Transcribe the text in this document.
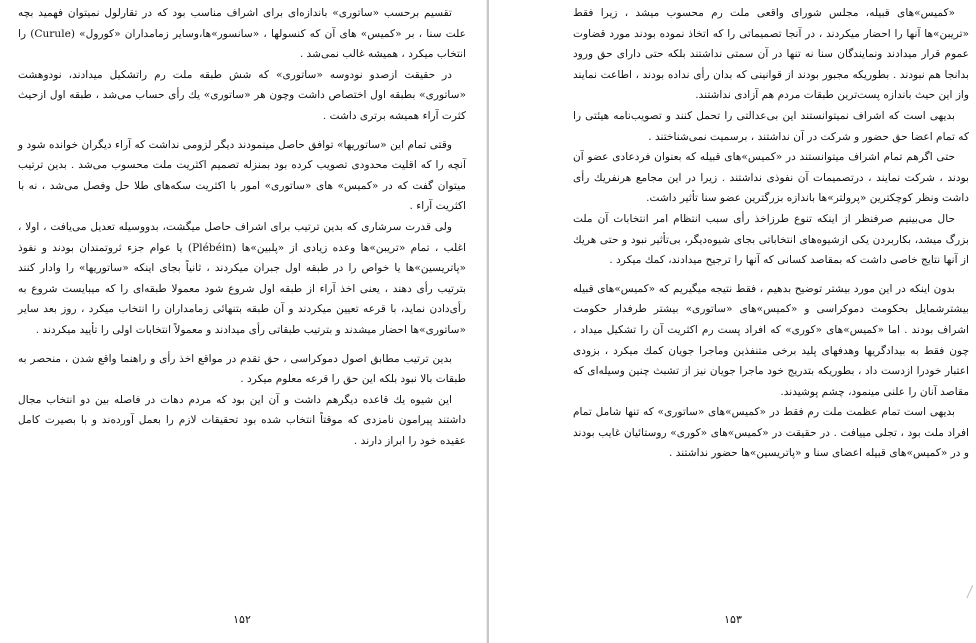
تقسیم برحسب «ساتوری» باندازه‌ای برای اشراف مناسب بود که در تقارلول نمیتوان فهمید بچه علت سنا ، بر «کمیس» های آن که کنسولها ، «سانسور»ها،وسایر زمامداران «کورول» (Curule) را انتخاب میکرد ، همیشه غالب نمی‌شد .

در حقیقت ازصدو نودوسه «ساتوری» که شش طبقه ملت رم راتشکیل میدادند، نودوهشت «ساتوری» بطبقه اول اختصاص داشت وچون هر «ساتوری» یك رأی حساب می‌شد ، طبقه اول ازحیث کثرت آراء همیشه برتری داشت .

وقتی تمام این «ساتوریها» توافق حاصل مینمودند دیگر لزومی نداشت که آراء دیگران خوانده شود و آنچه را که اقلیت محدودی تصویب کرده بود بمنزله تصمیم اکثریت ملت محسوب می‌شد . بدین ترتیب میتوان گفت که در «کمیس» های «ساتوری» امور با اکثریت سکه‌های طلا حل وفصل می‌شد ، نه با اکثریت آراء .

ولی قدرت سرشاری که بدین ترتیب برای اشراف حاصل میگشت، بدووسیله تعدیل می‌یافت ، اولا ، اغلب ، تمام «تریبن»ها وعده زیادی از «پلبین»ها (Plébéin) یا عوام جزء ثروتمندان بودند و نفوذ «پاتریسین»ها یا خواص را در طبقه اول جبران میکردند ، ثانیاً بجای اینکه «ساتوریها» را وادار کنند بترتیب رأی دهند ، یعنی اخذ آراء از طبقه اول شروع شود معمولا طبقه‌ای را که میبایست شروع به رأی‌دادن نماید، با قرعه تعیین میکردند و آن طبقه بتنهائی زمامداران را انتخاب میکرد ، روز بعد سایر «ساتوری»ها احضار میشدند و بترتیب طبقاتی رأی میدادند و معمولاً انتخابات اولی را تأیید میکردند .

بدین ترتیب مطابق اصول دموکراسی ، حق تقدم در مواقع اخذ رأی و راهنما واقع شدن ، منحصر به طبقات بالا نبود بلکه این حق را قرعه معلوم میکرد .

این شیوه یك قاعده دیگرهم داشت و آن این بود که مردم دهات در فاصله بین دو انتخاب مجال داشتند پیرامون نامزدی که موقتاً انتخاب شده بود تحقیقات لازم را بعمل آورده‌ند و با بصیرت کامل عقیده خود را ابراز دارند .

۱۵۲

«کمیس»های قبیله، مجلس شورای واقعی ملت رم محسوب میشد ، زیرا فقط «تریبن»ها آنها را احضار میکردند ، در آنجا تصمیماتی را که اتخاذ نموده بودند مورد قضاوت عموم قرار میدادند ونمایندگان سنا نه تنها در آن سمتی نداشتند بلکه حتی دارای حق ورود بدانجا هم نبودند . بطوریکه مجبور بودند از قوانینی که بدان رأی نداده بودند ، اطاعت نمایند واز این حیث باندازه پست‌ترین طبقات مردم هم آزادی نداشتند.

بدیهی است که اشراف نمیتوانستند این بی‌عدالتی را تحمل کنند و تصویب‌نامه هیئتی را که تمام اعضا حق حضور و شرکت در آن نداشتند ، برسمیت نمی‌شناختند .

حتی اگرهم تمام اشراف میتوانستند در «کمیس»های قبیله که بعنوان فردعادی عضو آن بودند ، شرکت نمایند ، درتصمیمات آن نفوذی نداشتند . زیرا در این مجامع هرنفریك رأی داشت ونظر کوچکترین «پرولتر»ها باندازه بزرگترین عضو سنا تأثیر داشت.

حال می‌بینیم صرفنظر از اینکه تنوع طرزاخذ رأی سبب انتظام امر انتخابات آن ملت بزرگ میشد، بکاربردن یکی ازشیوه‌های انتخاباتی بجای شیوه‌دیگر، بی‌تأثیر نبود و حتی هریك از آنها نتایج خاصی داشت که بمقاصد کسانی که آنها را ترجیح میدادند، کمك میکرد .

بدون اینکه در این مورد بیشتر توضیح بدهیم ، فقط نتیجه میگیریم که «کمیس»های قبیله بیشترشمایل بحکومت دموکراسی و «کمیس»های «ساتوری» بیشتر طرفدار حکومت اشراف بودند . اما «کمیس»های «کوری» که افراد پست رم اکثریت آن را تشکیل میداد ، چون فقط به بیدادگریها وهدفهای پلید برخی متنفذین وماجرا جویان کمك میکرد ، بزودی اعتبار خودرا ازدست داد ، بطوریکه بتدریج خود ماجرا جویان نیز از تشبث چنین وسیله‌ای که مقاصد آنان را علنی مینمود، چشم پوشیدند.

بدیهی است تمام عظمت ملت رم فقط در «کمیس»های «ساتوری» که تنها شامل تمام افراد ملت بود ، تجلی مییافت . در حقیقت در «کمیس»های «کوری» روستائیان غایب بودند و در «کمیس»های قبیله اعضای سنا و «پاتریسین»ها حضور نداشتند .

۱۵۳
